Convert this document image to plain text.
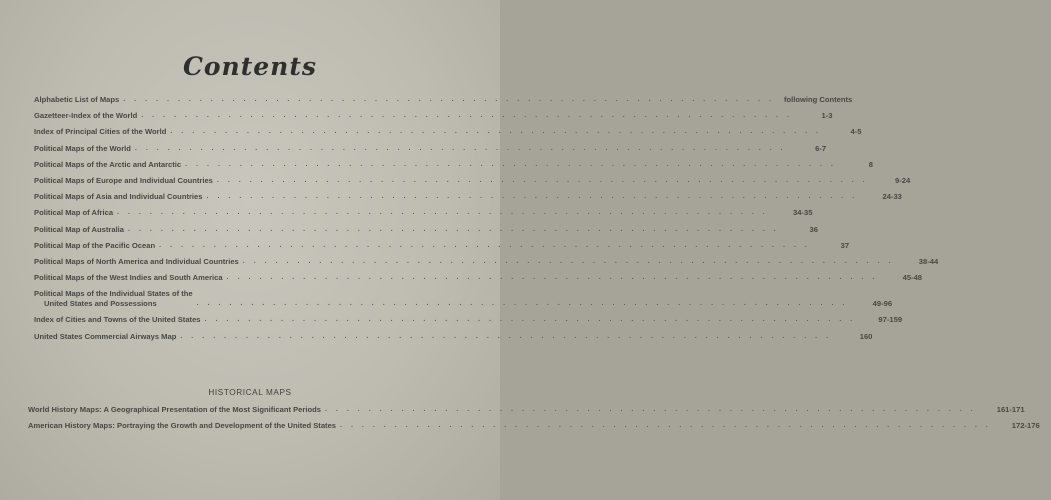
Contents
Alphabetic List of Maps ............................................................ following Contents
Gazetteer-Index of the World ............................................................	1-3
Index of Principal Cities of the World ............................................................	4-5
Political Maps of the World ............................................................	6-7
Political Maps of the Arctic and Antarctic ............................................................	8
Political Maps of Europe and Individual Countries ............................................................	9-24
Political Maps of Asia and Individual Countries ............................................................	24-33
Political Map of Africa ............................................................	34-35
Political Map of Australia ............................................................	36
Political Map of the Pacific Ocean ............................................................	37
Political Maps of North America and Individual Countries ............................................................	38-44
Political Maps of the West Indies and South America ............................................................	45-48
Political Maps of the Individual States of the
United States and Possessions	............................................................	49-96
Index of Cities and Towns of the United States ............................................................	97-159
United States Commercial Airways Map ............................................................	160
HISTORICAL MAPS
World History Maps: A Geographical Presentation of the Most Significant Periods ............................................................	161-171
American History Maps: Portraying the Growth and Development of the United States ............................................................	172-176
